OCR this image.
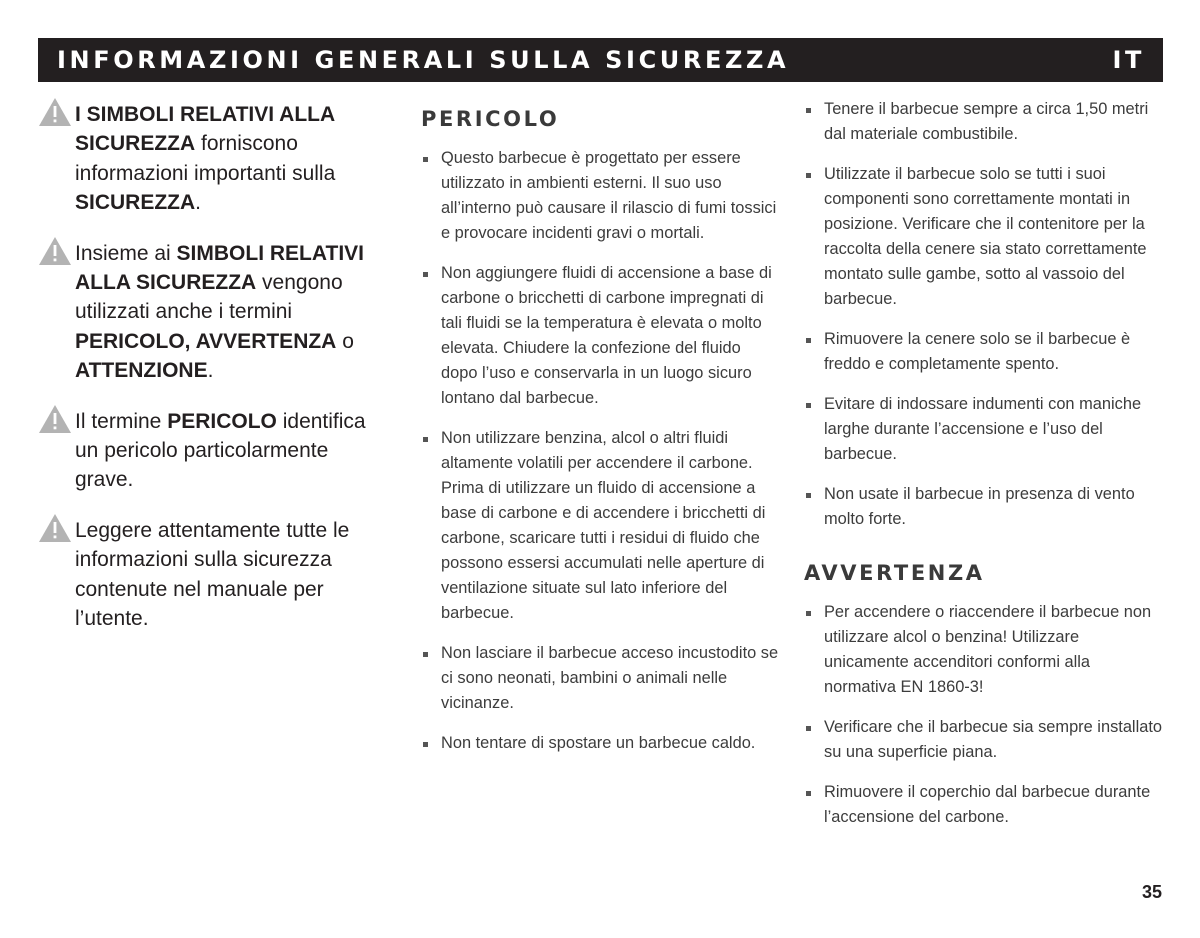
INFORMAZIONI GENERALI SULLA SICUREZZA	IT
I SIMBOLI RELATIVI ALLA SICUREZZA forniscono informazioni importanti sulla SICUREZZA.
Insieme ai SIMBOLI RELATIVI ALLA SICUREZZA vengono utilizzati anche i termini PERICOLO, AVVERTENZA o ATTENZIONE.
Il termine PERICOLO identifica un pericolo particolarmente grave.
Leggere attentamente tutte le informazioni sulla sicurezza contenute nel manuale per l’utente.
PERICOLO
Questo barbecue è progettato per essere utilizzato in ambienti esterni. Il suo uso all’interno può causare il rilascio di fumi tossici e provocare incidenti gravi o mortali.
Non aggiungere fluidi di accensione a base di carbone o bricchetti di carbone impregnati di tali fluidi se la temperatura è elevata o molto elevata. Chiudere la confezione del fluido dopo l’uso e conservarla in un luogo sicuro lontano dal barbecue.
Non utilizzare benzina, alcol o altri fluidi altamente volatili per accendere il carbone. Prima di utilizzare un fluido di accensione a base di carbone e di accendere i bricchetti di carbone, scaricare tutti i residui di fluido che possono essersi accumulati nelle aperture di ventilazione situate sul lato inferiore del barbecue.
Non lasciare il barbecue acceso incustodito se ci sono neonati, bambini o animali nelle vicinanze.
Non tentare di spostare un barbecue caldo.
Tenere il barbecue sempre a circa 1,50 metri dal materiale combustibile.
Utilizzate il barbecue solo se tutti i suoi componenti sono correttamente montati in posizione. Verificare che il contenitore per la raccolta della cenere sia stato correttamente montato sulle gambe, sotto al vassoio del barbecue.
Rimuovere la cenere solo se il barbecue è freddo e completamente spento.
Evitare di indossare indumenti con maniche larghe durante l’accensione e l’uso del barbecue.
Non usate il barbecue in presenza di vento molto forte.
AVVERTENZA
Per accendere o riaccendere il barbecue non utilizzare alcol o benzina! Utilizzare unicamente accenditori conformi alla normativa EN 1860-3!
Verificare che il barbecue sia sempre installato su una superficie piana.
Rimuovere il coperchio dal barbecue durante l’accensione del carbone.
35
